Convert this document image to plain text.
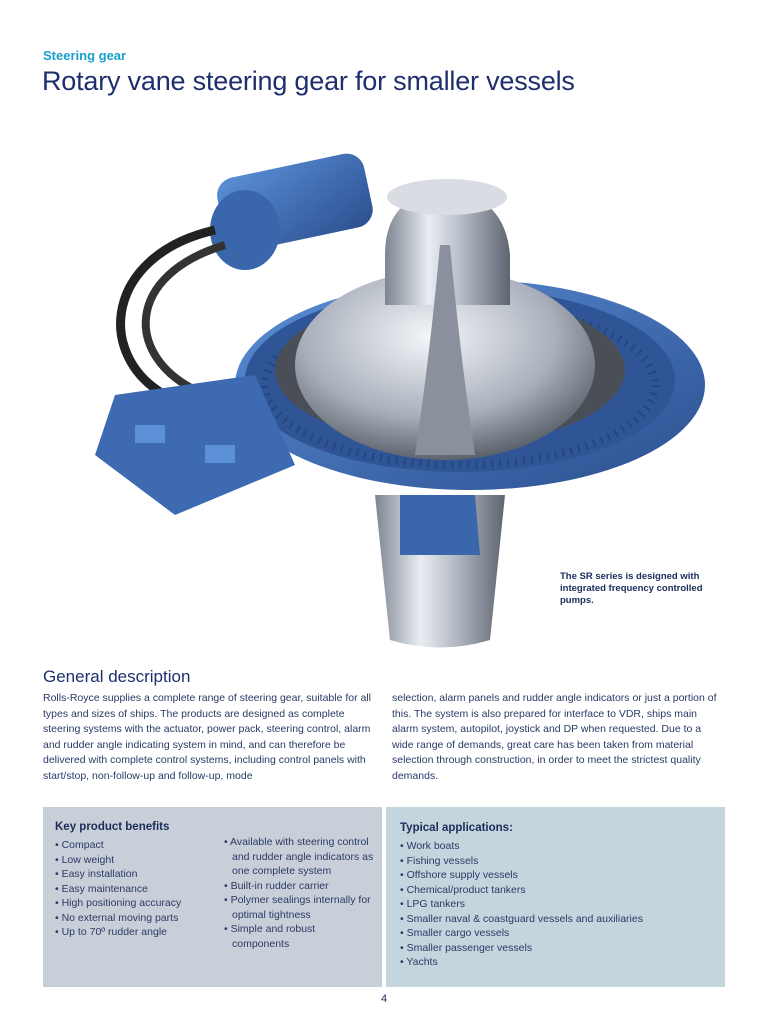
Steering gear
Rotary vane steering gear for smaller vessels
The SR series is designed with integrated frequency controlled pumps.
General description

Rolls-Royce supplies a complete range of steering gear, suitable for all types and sizes of ships. The products are designed as complete steering systems with the actuator, power pack, steering control, alarm and rudder angle indicating system in mind, and can therefore be delivered with complete control systems, including control panels with start/stop, non-follow-up and follow-up, mode

selection, alarm panels and rudder angle indicators or just a portion of this. The system is also prepared for interface to VDR, ships main alarm system, autopilot, joystick and DP when requested. Due to a wide range of demands, great care has been taken from material selection through construction, in order to meet the strictest quality demands.

Key product benefits
• Compact
• Low weight
• Easy installation
• Easy maintenance
• High positioning accuracy
• No external moving parts
• Up to 70º rudder angle
• Available with steering control and rudder angle indicators as one complete system
• Built-in rudder carrier
• Polymer sealings internally for optimal tightness
• Simple and robust components
Typical applications:
• Work boats
• Fishing vessels
• Offshore supply vessels
• Chemical/product tankers
• LPG tankers
• Smaller naval & coastguard vessels and auxiliaries
• Smaller cargo vessels
• Smaller passenger vessels
• Yachts
4
